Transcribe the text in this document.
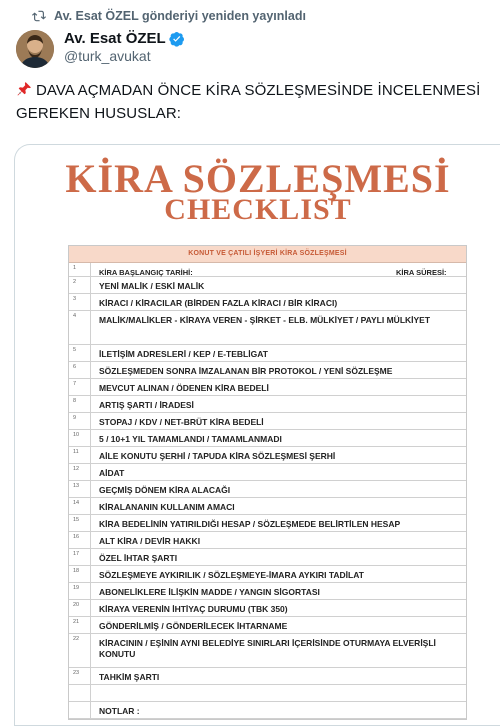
Av. Esat ÖZEL gönderiyi yeniden yayınladı
Av. Esat ÖZEL
@turk_avukat
DAVA AÇMADAN ÖNCE KİRA SÖZLEŞMESİNDE İNCELENMESİ GEREKEN HUSUSLAR:
KİRA SÖZLEŞMESİ
CHECKLIST
KONUT VE ÇATILI İŞYERİ KİRA SÖZLEŞMESİ
1	KİRA BAŞLANGIÇ TARİHİ:	KİRA SÜRESİ:
2	YENİ MALİK / ESKİ MALİK
3	KİRACI / KİRACILAR (BİRDEN FAZLA KİRACI / BİR KİRACI)
4	MALİK/MALİKLER - KİRAYA VEREN - ŞİRKET - ELB. MÜLKİYET / PAYLI MÜLKİYET
5	İLETİŞİM ADRESLERİ / KEP / E-TEBLİGAT
6	SÖZLEŞMEDEN SONRA İMZALANAN BİR PROTOKOL / YENİ SÖZLEŞME
7	MEVCUT ALINAN / ÖDENEN KİRA BEDELİ
8	ARTIŞ ŞARTI / İRADESİ
9	STOPAJ / KDV / NET-BRÜT KİRA BEDELİ
10	5 / 10+1 YIL TAMAMLANDI / TAMAMLANMADI
11	AİLE KONUTU ŞERHİ / TAPUDA KİRA SÖZLEŞMESİ ŞERHİ
12	AİDAT
13	GEÇMİŞ DÖNEM KİRA ALACAĞI
14	KİRALANANIN KULLANIM AMACI
15	KİRA BEDELİNİN YATIRILDIĞI HESAP / SÖZLEŞMEDE BELİRTİLEN HESAP
16	ALT KİRA / DEVİR HAKKI
17	ÖZEL İHTAR ŞARTI
18	SÖZLEŞMEYE AYKIRILIK / SÖZLEŞMEYE-İMARA AYKIRI TADİLAT
19	ABONELİKLERE İLİŞKİN MADDE / YANGIN SİGORTASI
20	KİRAYA VERENİN İHTİYAÇ DURUMU (TBK 350)
21	GÖNDERİLMİŞ / GÖNDERİLECEK İHTARNAME
22	KİRACININ / EŞİNİN AYNI BELEDİYE SINIRLARI İÇERİSİNDE OTURMAYA ELVERİŞLİ KONUTU
23	TAHKİM ŞARTI
NOTLAR :
